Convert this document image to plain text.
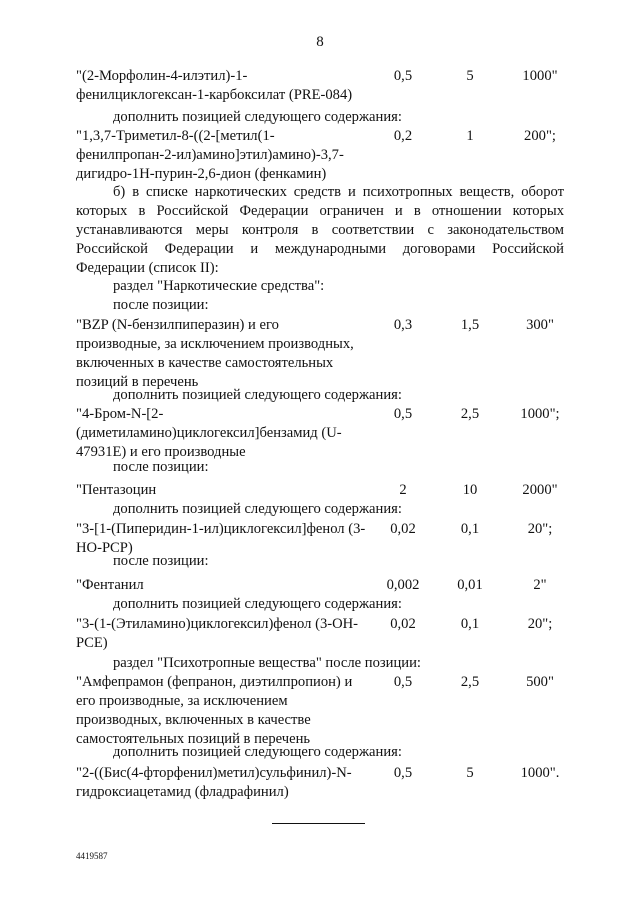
8
"(2-Морфолин-4-илэтил)-1-фенилциклогексан-1-карбоксилат (PRE-084)
0,5	5	1000"
дополнить позицией следующего содержания:
"1,3,7-Триметил-8-((2-[метил(1-фенилпропан-2-ил)амино]этил)амино)-3,7-дигидро-1Н-пурин-2,6-дион (фенкамин)
0,2	1	200";
б) в списке наркотических средств и психотропных веществ, оборот которых в Российской Федерации ограничен и в отношении которых устанавливаются меры контроля в соответствии с законодательством Российской Федерации и международными договорами Российской Федерации (список II):
раздел "Наркотические средства":
после позиции:
"BZP (N-бензилпиперазин) и его производные, за исключением производных, включенных в качестве самостоятельных позиций в перечень
0,3	1,5	300"
дополнить позицией следующего содержания:
"4-Бром-N-[2-(диметиламино)циклогексил]бензамид (U-47931E) и его производные
0,5	2,5	1000";
после позиции:
"Пентазоцин	2	10	2000"
дополнить позицией следующего содержания:
"3-[1-(Пиперидин-1-ил)циклогексил]фенол (3-HO-PCP)
0,02	0,1	20";
после позиции:
"Фентанил	0,002	0,01	2"
дополнить позицией следующего содержания:
"3-(1-(Этиламино)циклогексил)фенол (3-OH-PCE)
0,02	0,1	20";
раздел "Психотропные вещества" после позиции:
"Амфепрамон (фепранон, диэтилпропион) и его производные, за исключением производных, включенных в качестве самостоятельных позиций в перечень
0,5	2,5	500"
дополнить позицией следующего содержания:
"2-((Бис(4-фторфенил)метил)сульфинил)-N-гидроксиацетамид (фладрафинил)
0,5	5	1000".
4419587
